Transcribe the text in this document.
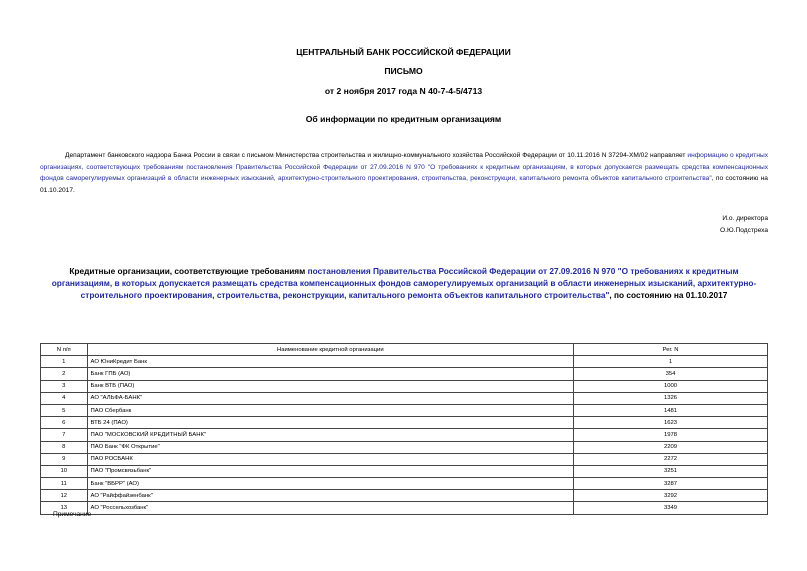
ЦЕНТРАЛЬНЫЙ БАНК РОССИЙСКОЙ ФЕДЕРАЦИИ
ПИСЬМО
от 2 ноября 2017 года N 40-7-4-5/4713
Об информации по кредитным организациям
Департамент банковского надзора Банка России в связи с письмом Министерства строительства и жилищно-коммунального хозяйства Российской Федерации от 10.11.2016 N 37294-ХМ/02 направляет информацию о кредитных организациях, соответствующих требованиям постановления Правительства Российской Федерации от 27.09.2016 N 970 "О требованиях к кредитным организациям, в которых допускается размещать средства компенсационных фондов саморегулируемых организаций в области инженерных изысканий, архитектурно-строительного проектирования, строительства, реконструкции, капитального ремонта объектов капитального строительства", по состоянию на 01.10.2017.
И.о. директора
О.Ю.Подстреха
Кредитные организации, соответствующие требованиям постановления Правительства Российской Федерации от 27.09.2016 N 970 "О требованиях к кредитным организациям, в которых допускается размещать средства компенсационных фондов саморегулируемых организаций в области инженерных изысканий, архитектурно-строительного проектирования, строительства, реконструкции, капитального ремонта объектов капитального строительства", по состоянию на 01.10.2017
N п/п	Наименование кредитной организации	Рег. N
1	АО ЮниКредит Банк	1
2	Банк ГПБ (АО)	354
3	Банк ВТБ (ПАО)	1000
4	АО "АЛЬФА-БАНК"	1326
5	ПАО Сбербанк	1481
6	ВТБ 24 (ПАО)	1623
7	ПАО "МОСКОВСКИЙ КРЕДИТНЫЙ БАНК"	1978
8	ПАО Банк "ФК Открытие"	2209
9	ПАО РОСБАНК	2272
10	ПАО "Промсвязьбанк"	3251
11	Банк "ВБРР" (АО)	3287
12	АО "Райффайзенбанк"	3292
13	АО "Россельхозбанк"	3349
Примечание
